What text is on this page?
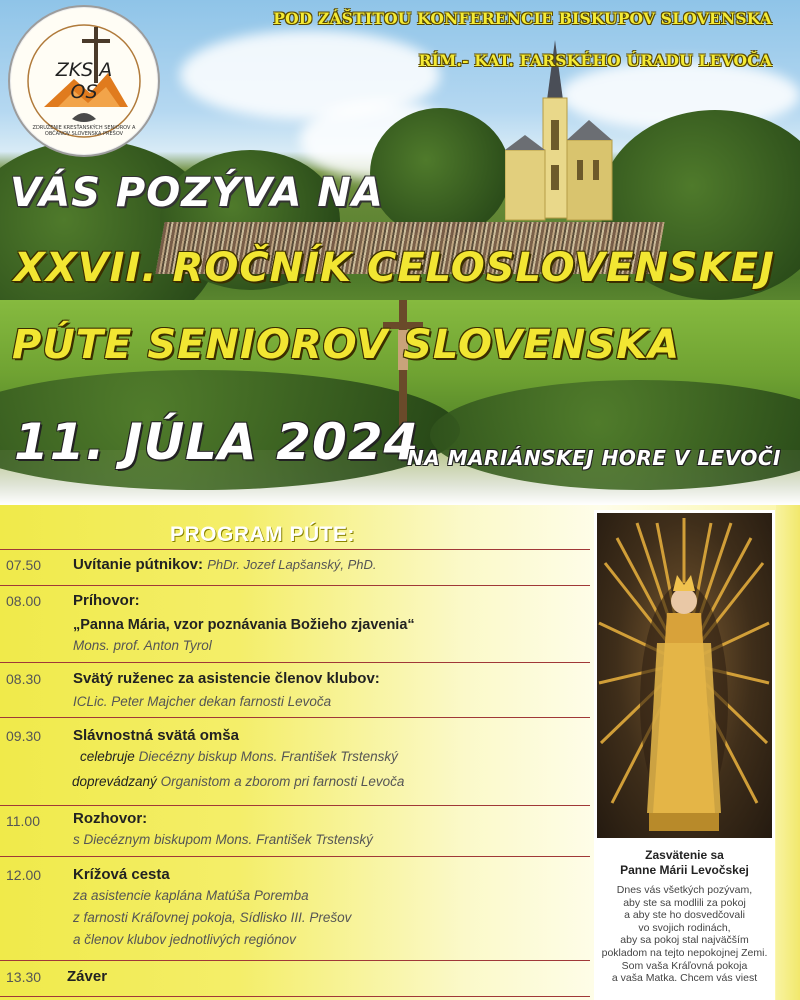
ZKS A OS
ZDRUŽENIE KRESŤANSKÝCH SENIOROV A OBČANOV SLOVENSKA PREŠOV
POD ZÁŠTITOU KONFERENCIE BISKUPOV SLOVENSKA
RÍM.- KAT. FARSKÉHO ÚRADU LEVOČA
VÁS POZÝVA NA
XXVII. ROČNÍK CELOSLOVENSKEJ
PÚTE SENIOROV SLOVENSKA
11. JÚLA 2024
NA MARIÁNSKEJ HORE V LEVOČI
PROGRAM PÚTE:
07.50 Uvítanie pútnikov: PhDr. Jozef Lapšanský, PhD.
08.00 Príhovor:
„Panna Mária, vzor poznávania Božieho zjavenia“
Mons. prof. Anton Tyrol
08.30 Svätý ruženec za asistencie členov klubov:
ICLic. Peter Majcher dekan farnosti Levoča
09.30 Slávnostná svätá omša
celebruje Diecézny biskup Mons. František Trstenský
doprevádzaný Organistom a zborom pri farnosti Levoča
11.00 Rozhovor:
s Diecéznym biskupom Mons. František Trstenský
12.00 Krížová cesta
za asistencie kaplána Matúša Poremba
z farnosti Kráľovnej pokoja, Sídlisko III. Prešov
a členov klubov jednotlivých regiónov
13.30 Záver
Zasvätenie sa
Panne Márii Levočskej
Dnes vás všetkých pozývam,
aby ste sa modlili za pokoj
a aby ste ho dosvedčovali
vo svojich rodinách,
aby sa pokoj stal najväčším
pokladom na tejto nepokojnej Zemi.
Som vaša Kráľovná pokoja
a vaša Matka. Chcem vás viest
